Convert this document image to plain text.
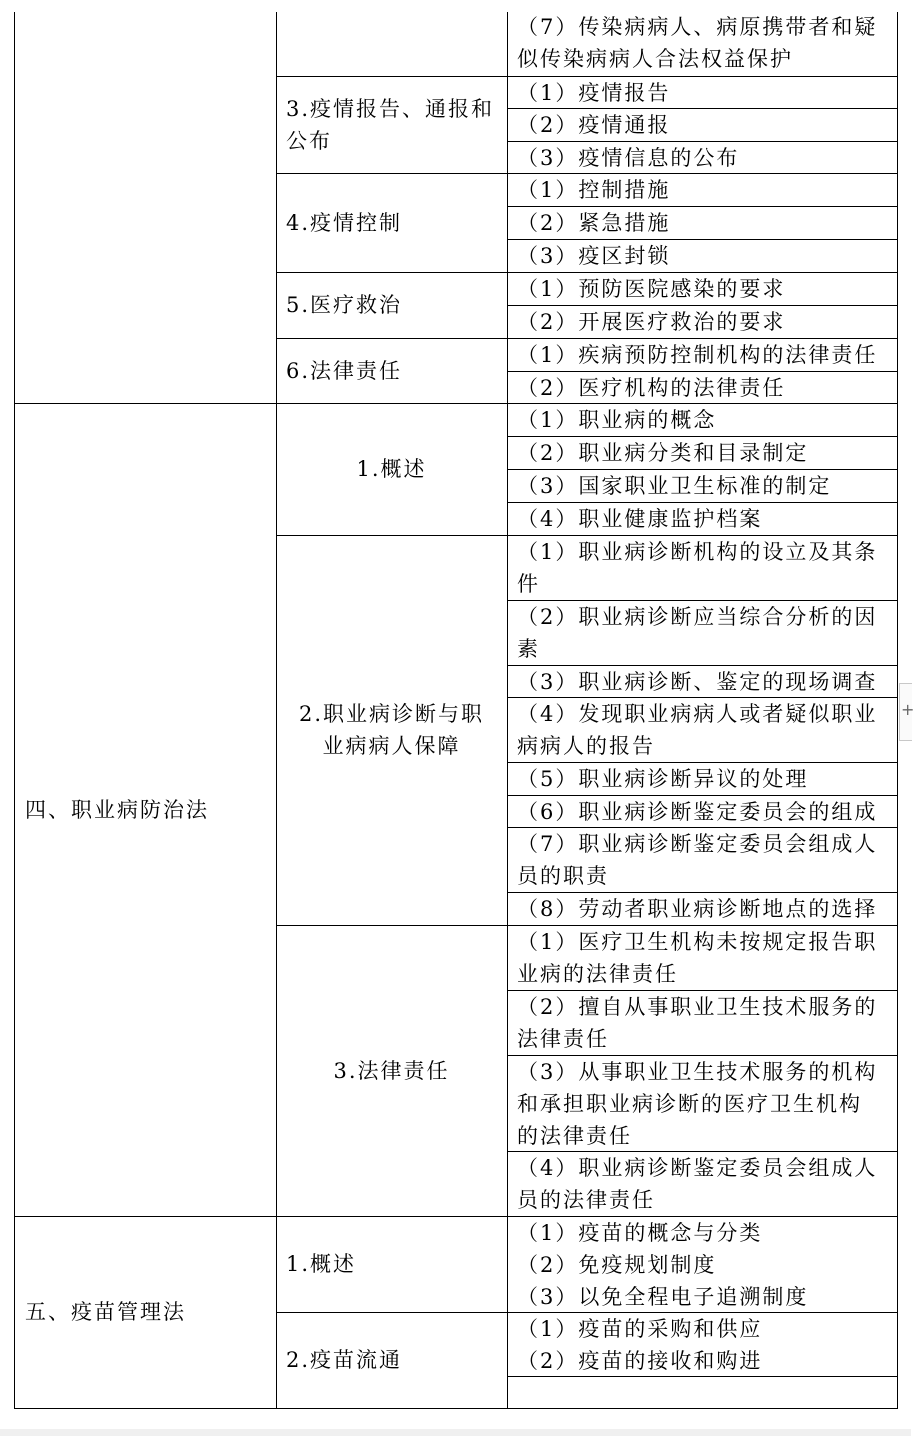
四、职业病防治法
五、疫苗管理法
3.疫情报告、通报和
公布
4.疫情控制
5.医疗救治
6.法律责任
1.概述
2.职业病诊断与职
业病病人保障
3.法律责任
1.概述
2.疫苗流通
（7）传染病病人、病原携带者和疑
似传染病病人合法权益保护
（1）疫情报告
（2）疫情通报
（3）疫情信息的公布
（1）控制措施
（2）紧急措施
（3）疫区封锁
（1）预防医院感染的要求
（2）开展医疗救治的要求
（1）疾病预防控制机构的法律责任
（2）医疗机构的法律责任
（1）职业病的概念
（2）职业病分类和目录制定
（3）国家职业卫生标准的制定
（4）职业健康监护档案
（1）职业病诊断机构的设立及其条
件
（2）职业病诊断应当综合分析的因
素
（3）职业病诊断、鉴定的现场调查
（4）发现职业病病人或者疑似职业
病病人的报告
（5）职业病诊断异议的处理
（6）职业病诊断鉴定委员会的组成
（7）职业病诊断鉴定委员会组成人
员的职责
（8）劳动者职业病诊断地点的选择
（1）医疗卫生机构未按规定报告职
业病的法律责任
（2）擅自从事职业卫生技术服务的
法律责任
（3）从事职业卫生技术服务的机构
和承担职业病诊断的医疗卫生机构
的法律责任
（4）职业病诊断鉴定委员会组成人
员的法律责任
（1）疫苗的概念与分类
（2）免疫规划制度
（3）以免全程电子追溯制度
（1）疫苗的采购和供应
（2）疫苗的接收和购进
+
